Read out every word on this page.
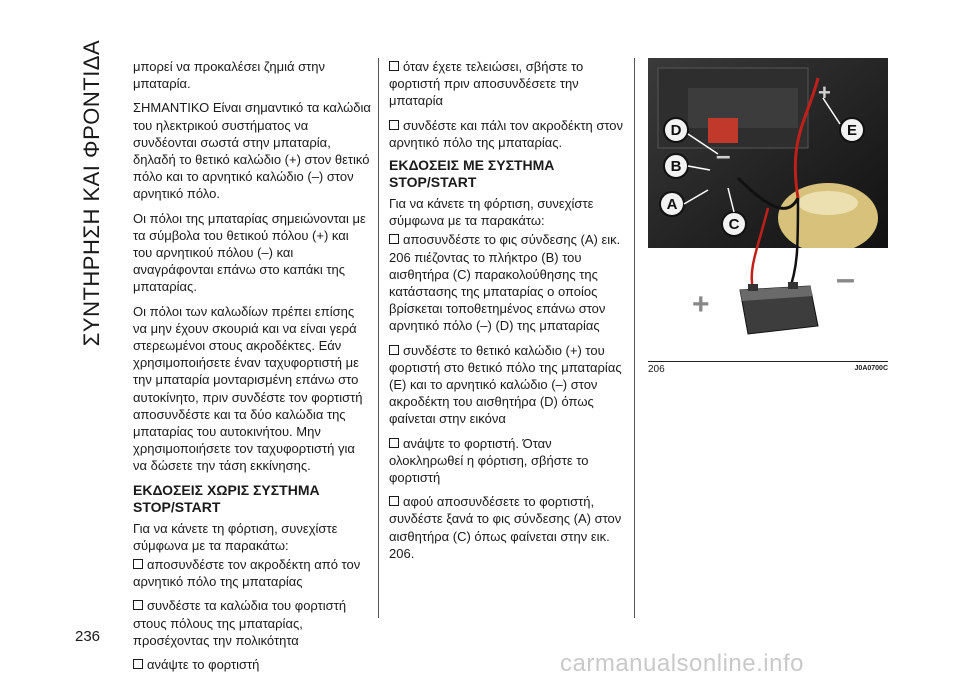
ΣΥΝΤΗΡΗΣΗ ΚΑΙ ΦΡΟΝΤΙΔΑ μπορεί να προκαλέσει ζημιά στην μπαταρία.

ΣΗΜΑΝΤΙΚΟ Είναι σημαντικό τα καλώδια του ηλεκτρικού συστήματος να συνδέονται σωστά στην μπαταρία, δηλαδή το θετικό καλώδιο (+) στον θετικό πόλο και το αρνητικό καλώδιο (–) στον αρνητικό πόλο.

Οι πόλοι της μπαταρίας σημειώνονται με τα σύμβολα του θετικού πόλου (+) και του αρνητικού πόλου (–) και αναγράφονται επάνω στο καπάκι της μπαταρίας.

Οι πόλοι των καλωδίων πρέπει επίσης να μην έχουν σκουριά και να είναι γερά στερεωμένοι στους ακροδέκτες. Εάν χρησιμοποιήσετε έναν ταχυφορτιστή με την μπαταρία μονταρισμένη επάνω στο αυτοκίνητο, πριν συνδέστε τον φορτιστή αποσυνδέστε και τα δύο καλώδια της μπαταρίας του αυτοκινήτου. Μην χρησιμοποιήσετε τον ταχυφορτιστή για να δώσετε την τάση εκκίνησης.

ΕΚΔΟΣΕΙΣ ΧΩΡΙΣ ΣΥΣΤΗΜΑ STOP/START

Για να κάνετε τη φόρτιση, συνεχίστε σύμφωνα με τα παρακάτω:

αποσυνδέστε τον ακροδέκτη από τον αρνητικό πόλο της μπαταρίας

συνδέστε τα καλώδια του φορτιστή στους πόλους της μπαταρίας, προσέχοντας την πολικότητα

ανάψτε το φορτιστή

όταν έχετε τελειώσει, σβήστε το φορτιστή πριν αποσυνδέσετε την μπαταρία

συνδέστε και πάλι τον ακροδέκτη στον αρνητικό πόλο της μπαταρίας.

ΕΚΔΟΣΕΙΣ ΜΕ ΣΥΣΤΗΜΑ STOP/START

Για να κάνετε τη φόρτιση, συνεχίστε σύμφωνα με τα παρακάτω:

αποσυνδέστε το φις σύνδεσης (A) εικ. 206 πιέζοντας το πλήκτρο (B) του αισθητήρα (C) παρακολούθησης της κατάστασης της μπαταρίας ο οποίος βρίσκεται τοποθετημένος επάνω στον αρνητικό πόλο (–) (D) της μπαταρίας

συνδέστε το θετικό καλώδιο (+) του φορτιστή στο θετικό πόλο της μπαταρίας (E) και το αρνητικό καλώδιο (–) στον ακροδέκτη του αισθητήρα (D) όπως φαίνεται στην εικόνα

ανάψτε το φορτιστή. Όταν ολοκληρωθεί η φόρτιση, σβήστε το φορτιστή

αφού αποσυνδέσετε το φορτιστή, συνδέστε ξανά το φις σύνδεσης (A) στον αισθητήρα (C) όπως φαίνεται στην εικ. 206.

D	E
B
A
C
+
–
+
–
206	J0A0700C
236
carmanualsonline.info
